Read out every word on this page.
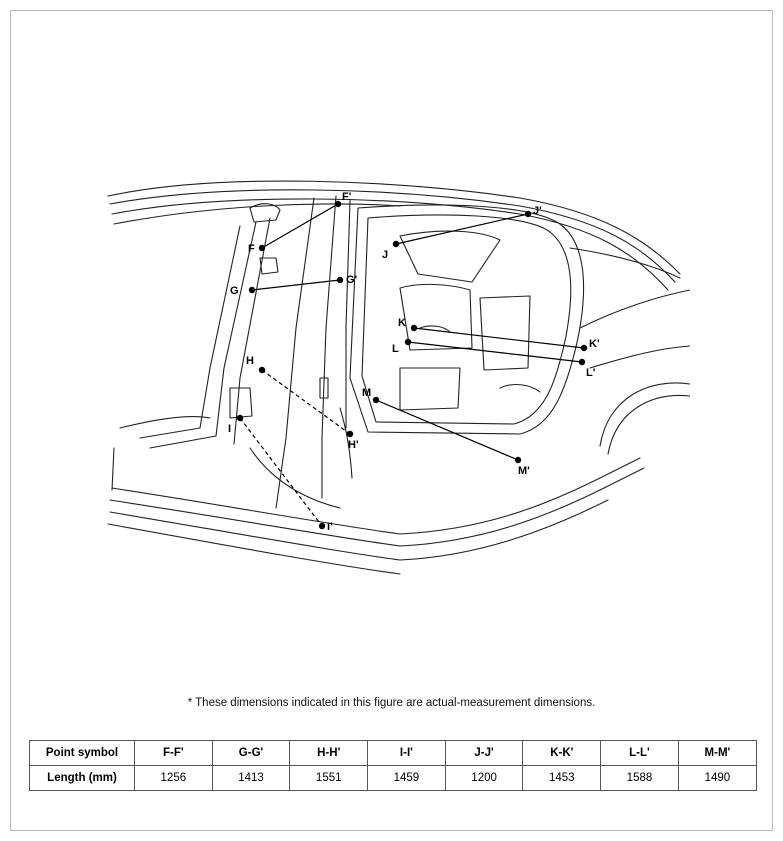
F
F'
G
G'
H
H'
I
I'
J
J'
K
K'
L
L'
M
M'
* These dimensions indicated in this figure are actual-measurement dimensions.
Point symbol	F-F'	G-G'	H-H'	I-I'	J-J'	K-K'	L-L'	M-M'
Length (mm)	1256	1413	1551	1459	1200	1453	1588	1490
